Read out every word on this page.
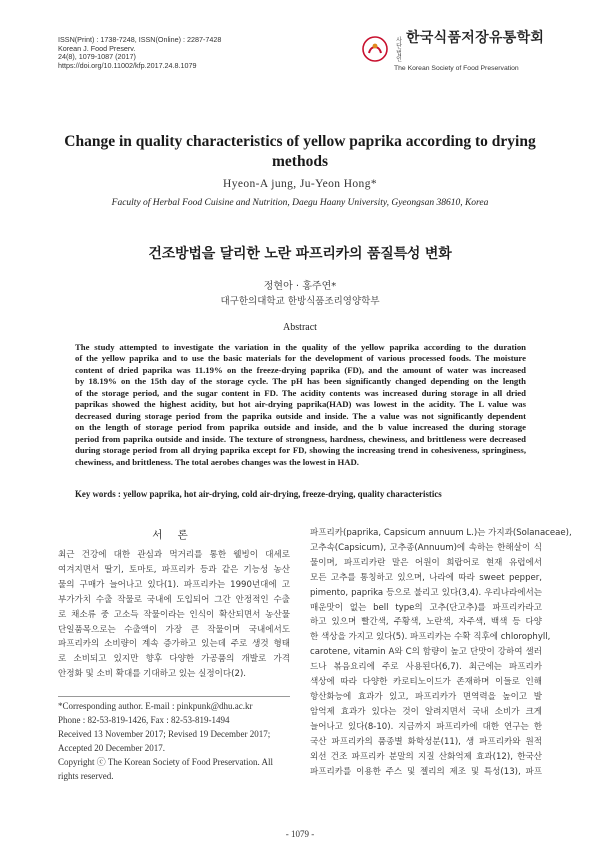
ISSN(Print) : 1738-7248, ISSN(Online) : 2287-7428
Korean J. Food Preserv.
24(8), 1079-1087 (2017)
https://doi.org/10.11002/kfp.2017.24.8.1079
사단법인
한국식품저장유통학회
The Korean Society of Food Preservation
Change in quality characteristics of yellow paprika according to drying methods
Hyeon-A jung, Ju-Yeon Hong*
Faculty of Herbal Food Cuisine and Nutrition, Daegu Haany University, Gyeongsan 38610, Korea
건조방법을 달리한 노란 파프리카의 품질특성 변화
정현아 · 홍주연*
대구한의대학교 한방식품조리영양학부
Abstract
The study attempted to investigate the variation in the quality of the yellow paprika according to the duration
of the yellow paprika and to use the basic materials for the development of various processed foods. The moisture
content of dried paprika was 11.19% on the freeze-drying paprika (FD), and the amount of water was increased
by 18.19% on the 15th day of the storage cycle. The pH has been significantly changed depending on the length
of the storage period, and the sugar content in FD. The acidity contents was increased during storage in all dried
paprikas showed the highest acidity, but hot air-drying paprika(HAD) was lowest in the acidity. The L value was
decreased during storage period from the paprika outside and inside. The a value was not significantly dependent
on the length of storage period from paprika outside and inside, and the b value increased the during storage
period from paprika outside and inside. The texture of strongness, hardness, chewiness, and brittleness were decreased
during storage period from all drying paprika except for FD, showing the increasing trend in cohesiveness, springiness,
chewiness, and brittleness. The total aerobes changes was the lowest in HAD.
Key words : yellow paprika, hot air-drying, cold air-drying, freeze-drying, quality characteristics
서 론
최근 건강에 대한 관심과 먹거리를 통한 웰빙이 대세로
여겨지면서 딸기, 토마토, 파프리카 등과 같은 기능성 농산
물의 구매가 늘어나고 있다(1). 파프리카는 1990년대에 고
부가가치 수출 작물로 국내에 도입되어 그간 안정적인 수출
로 채소류 중 고소득 작물이라는 인식이 확산되면서 농산물
단일품목으로는 수출액이 가장 큰 작물이며 국내에서도
파프리카의 소비량이 계속 증가하고 있는데 주로 생것 형태
로 소비되고 있지만 향후 다양한 가공품의 개발로 가격
안정화 및 소비 확대를 기대하고 있는 실정이다(2).
*Corresponding author. E-mail : pinkpunk@dhu.ac.kr
Phone : 82-53-819-1426, Fax : 82-53-819-1494
Received 13 November 2017; Revised 19 December 2017;
Accepted 20 December 2017.
Copyright ⓒ The Korean Society of Food Preservation. All
rights reserved.
파프리카(paprika, Capsicum annuum L.)는 가지과(Solanaceae),
고추속(Capsicum), 고추종(Annuum)에 속하는 한해살이 식
물이며, 파프리카란 말은 어원이 희랍어로 현재 유럽에서
모든 고추를 통칭하고 있으며, 나라에 따라 sweet pepper,
pimento, paprika 등으로 불리고 있다(3,4). 우리나라에서는
매운맛이 없는 bell type의 고추(단고추)를 파프리카라고
하고 있으며 빨간색, 주황색, 노란색, 자주색, 백색 등 다양
한 색상을 가지고 있다(5). 파프리카는 수확 직후에 chlorophyll,
carotene, vitamin A와 C의 함량이 높고 단맛이 강하여 샐러
드나 볶음요리에 주로 사용된다(6,7). 최근에는 파프리카
색상에 따라 다양한 카로티노이드가 존재하며 이들로 인해
항산화능에 효과가 있고, 파프리카가 면역력을 높이고 발
암억제 효과가 있다는 것이 알려지면서 국내 소비가 크게
늘어나고 있다(8-10). 지금까지 파프리카에 대한 연구는 한
국산 파프리카의 품종별 화학성분(11), 생 파프리카와 원적
외선 건조 파프리카 분말의 지질 산화억제 효과(12), 한국산
파프리카를 이용한 주스 및 젤리의 제조 및 특성(13), 파프
- 1079 -
